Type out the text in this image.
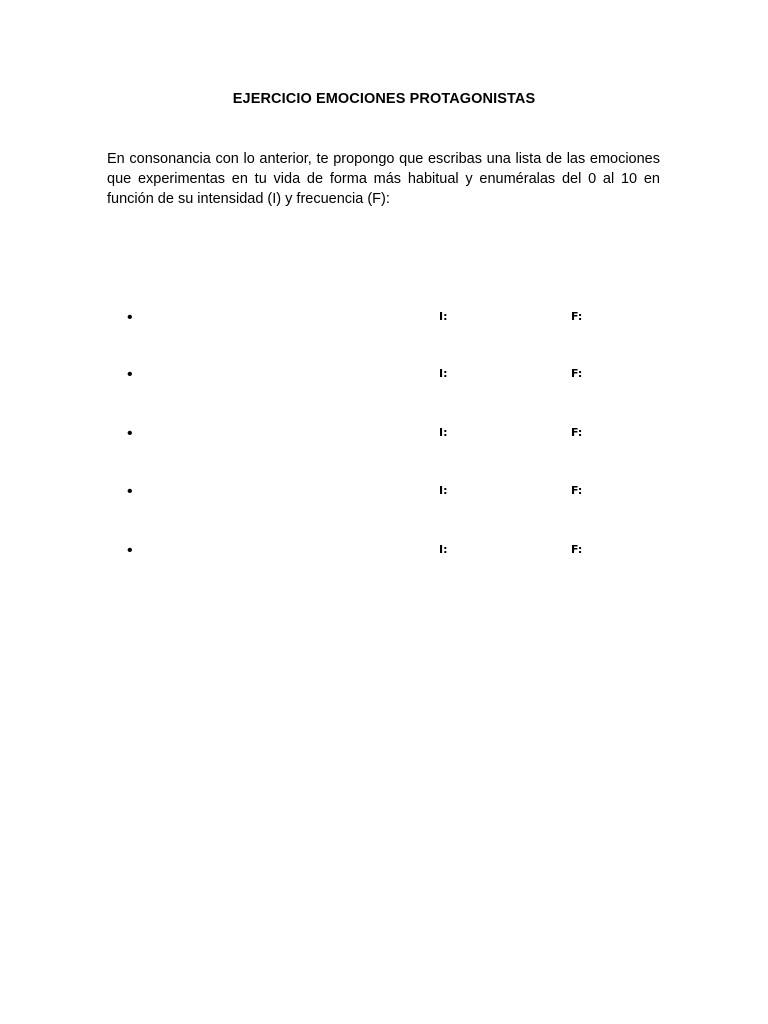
EJERCICIO EMOCIONES PROTAGONISTAS

En consonancia con lo anterior, te propongo que escribas una lista de las emociones que experimentas en tu vida de forma más habitual y enuméralas del 0 al 10 en función de su intensidad (I) y frecuencia (F):

•	I:	F:
•	I:	F:
•	I:	F:
•	I:	F:
•	I:	F:
